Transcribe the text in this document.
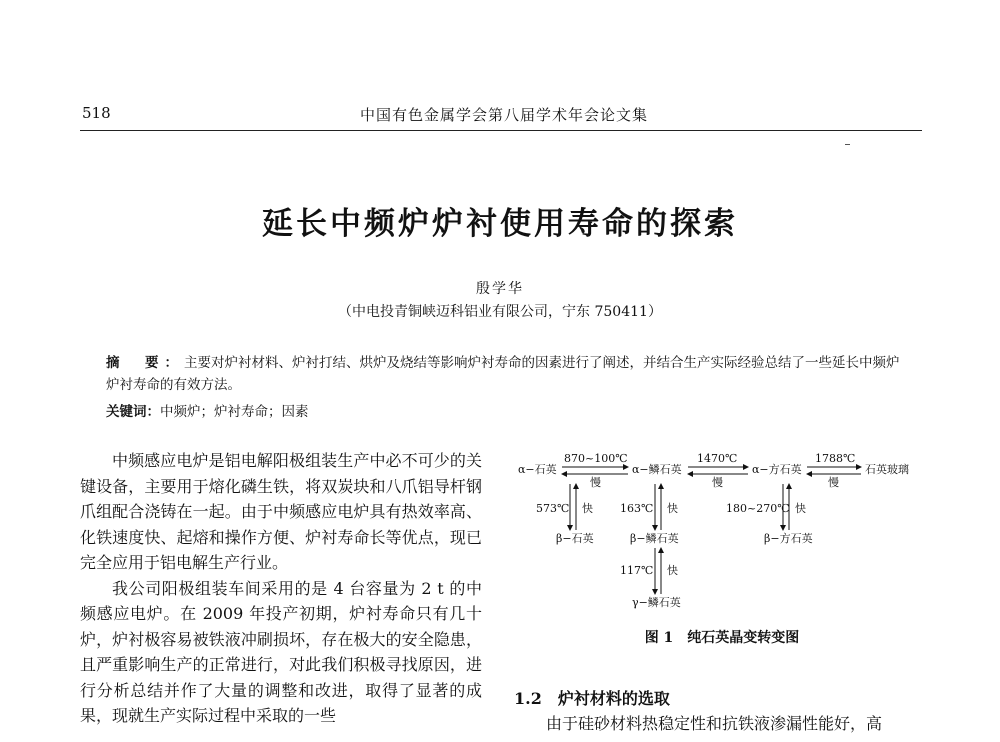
518	中国有色金属学会第八届学术年会论文集
延长中频炉炉衬使用寿命的探索
殷学华
（中电投青铜峡迈科铝业有限公司，宁东 750411）
摘　要：主要对炉衬材料、炉衬打结、烘炉及烧结等影响炉衬寿命的因素进行了阐述，并结合生产实际经验总结了一些延长中频炉炉衬寿命的有效方法。
关键词：中频炉；炉衬寿命；因素

中频感应电炉是铝电解阳极组装生产中必不可少的关键设备，主要用于熔化磷生铁，将双炭块和八爪铝导杆钢爪组配合浇铸在一起。由于中频感应电炉具有热效率高、化铁速度快、起熔和操作方便、炉衬寿命长等优点，现已完全应用于铝电解生产行业。

我公司阳极组装车间采用的是 4 台容量为 2 t 的中频感应电炉。在 2009 年投产初期，炉衬寿命只有几十炉，炉衬极容易被铁液冲刷损坏，存在极大的安全隐患，且严重影响生产的正常进行，对此我们积极寻找原因，进行分析总结并作了大量的调整和改进，取得了显著的成果，现就生产实际过程中采取的一些

α−石英	α−鳞石英	α−方石英	石英玻璃
β−石英	β−鳞石英	β−方石英
γ−鳞石英
870~100℃
慢
1470℃
慢
1788℃
慢
573℃ 快 163℃ 快	180~270℃ 快
117℃ 快
图 1　纯石英晶变转变图
1.2　炉衬材料的选取
由于硅砂材料热稳定性和抗铁液渗漏性能好，高
